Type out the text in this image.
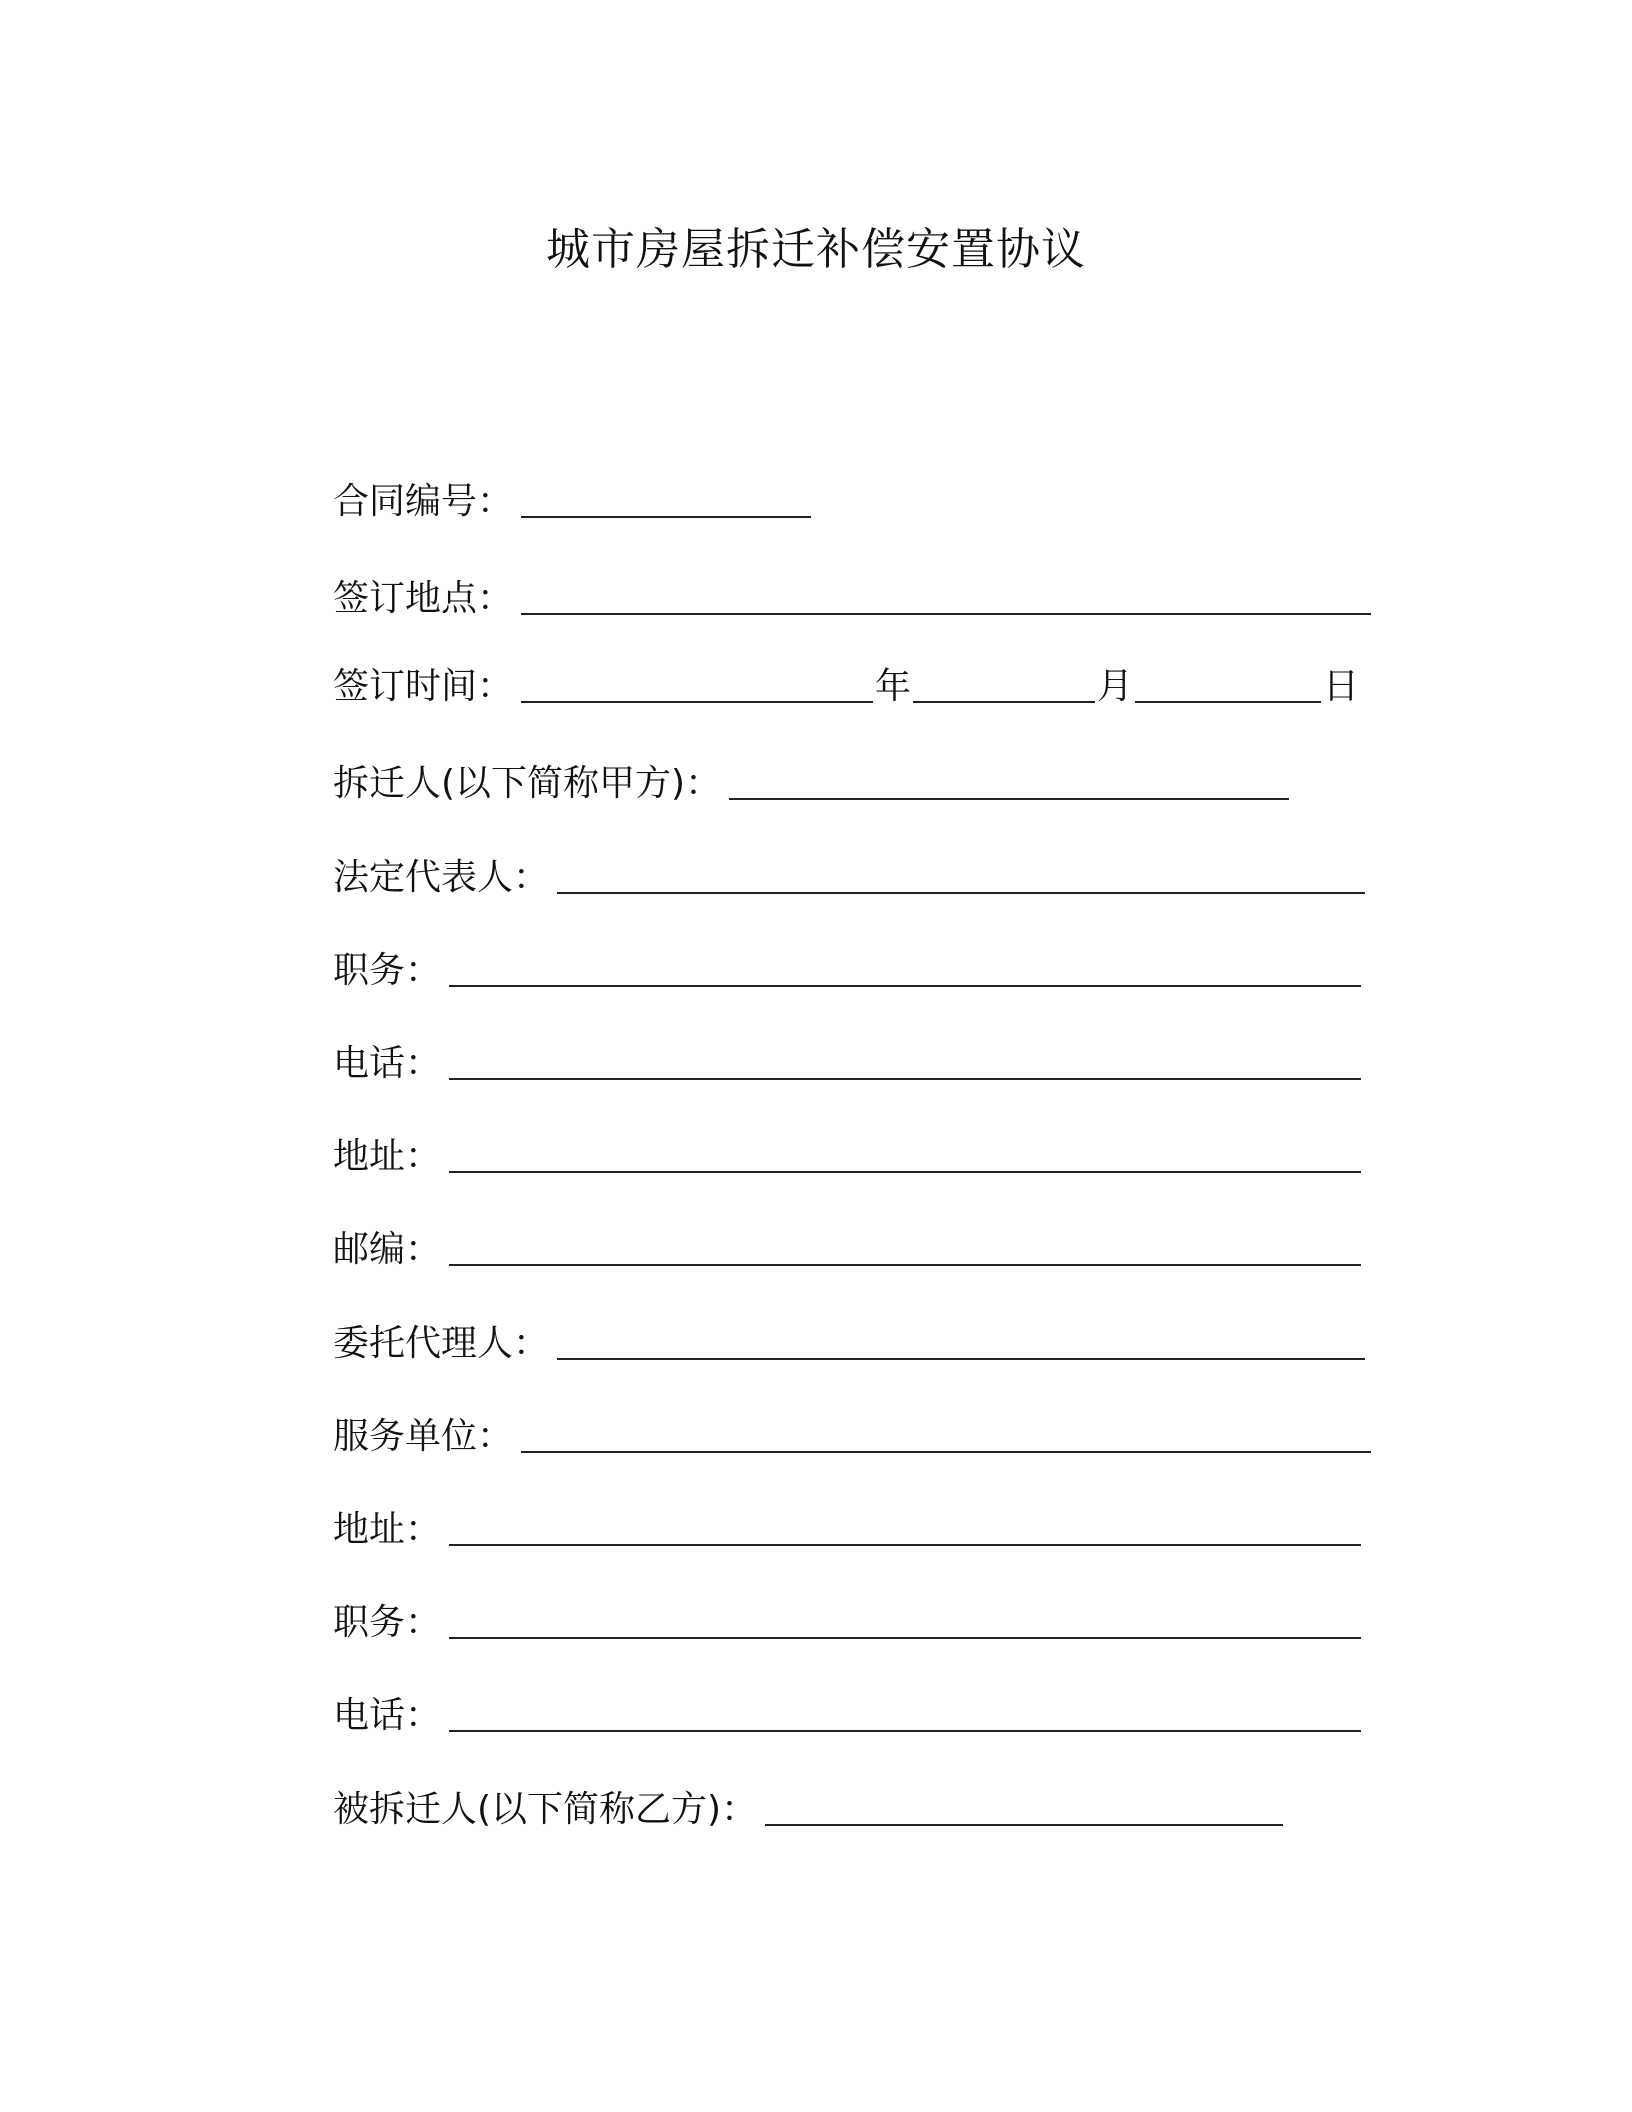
城市房屋拆迁补偿安置协议
合同编号：
签订地点：
签订时间：	年	月	日
拆迁人(以下简称甲方)：
法定代表人：
职务：
电话：
地址：
邮编：
委托代理人：
服务单位：
地址：
职务：
电话：
被拆迁人(以下简称乙方)：
